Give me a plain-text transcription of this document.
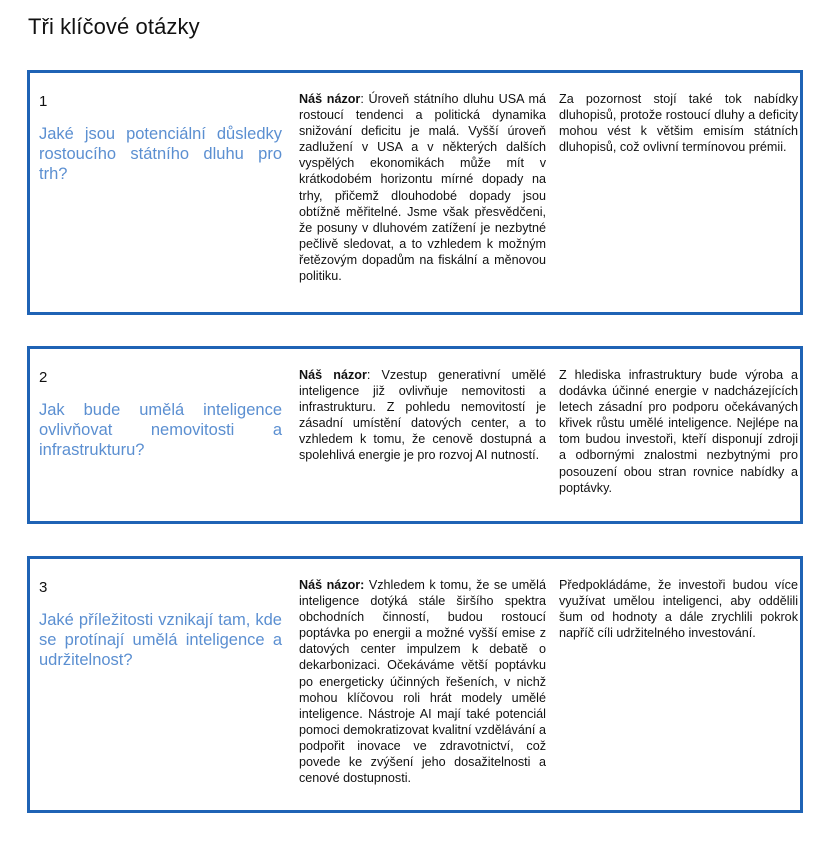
Tři klíčové otázky

1

Jaké jsou potenciální důsledky rostoucího státního dluhu pro trh?

Náš názor: Úroveň státního dluhu USA má rostoucí tendenci a politická dynamika snižování deficitu je malá. Vyšší úroveň zadlužení v USA a v některých dalších vyspělých ekonomikách může mít v krátkodobém horizontu mírné dopady na trhy, přičemž dlouhodobé dopady jsou obtížně měřitelné. Jsme však přesvědčeni, že posuny v dluhovém zatížení je nezbytné pečlivě sledovat, a to vzhledem k možným řetězovým dopadům na fiskální a měnovou politiku.

Za pozornost stojí také tok nabídky dluhopisů, protože rostoucí dluhy a deficity mohou vést k většim emisím státních dluhopisů, což ovlivní termínovou prémii.

2

Jak bude umělá inteligence ovlivňovat nemovitosti a infrastrukturu?

Náš názor: Vzestup generativní umělé inteligence již ovlivňuje nemovitosti a infrastrukturu. Z pohledu nemovitostí je zásadní umístění datových center, a to vzhledem k tomu, že cenově dostupná a spolehlivá energie je pro rozvoj AI nutností.

Z hlediska infrastruktury bude výroba a dodávka účinné energie v nadcházejících letech zásadní pro podporu očekávaných křivek růstu umělé inteligence. Nejlépe na tom budou investoři, kteří disponují zdroji a odbornými znalostmi nezbytnými pro posouzení obou stran rovnice nabídky a poptávky.

3

Jaké příležitosti vznikají tam, kde se protínají umělá inteligence a udržitelnost?

Náš názor: Vzhledem k tomu, že se umělá inteligence dotýká stále širšího spektra obchodních činností, budou rostoucí poptávka po energii a možné vyšší emise z datových center impulzem k debatě o dekarbonizaci. Očekáváme větší poptávku po energeticky účinných řešeních, v nichž mohou klíčovou roli hrát modely umělé inteligence. Nástroje AI mají také potenciál pomoci demokratizovat kvalitní vzdělávání a podpořit inovace ve zdravotnictví, což povede ke zvýšení jeho dosažitelnosti a cenové dostupnosti.

Předpokládáme, že investoři budou více využívat umělou inteligenci, aby oddělili šum od hodnoty a dále zrychlili pokrok napříč cíli udržitelného investování.
